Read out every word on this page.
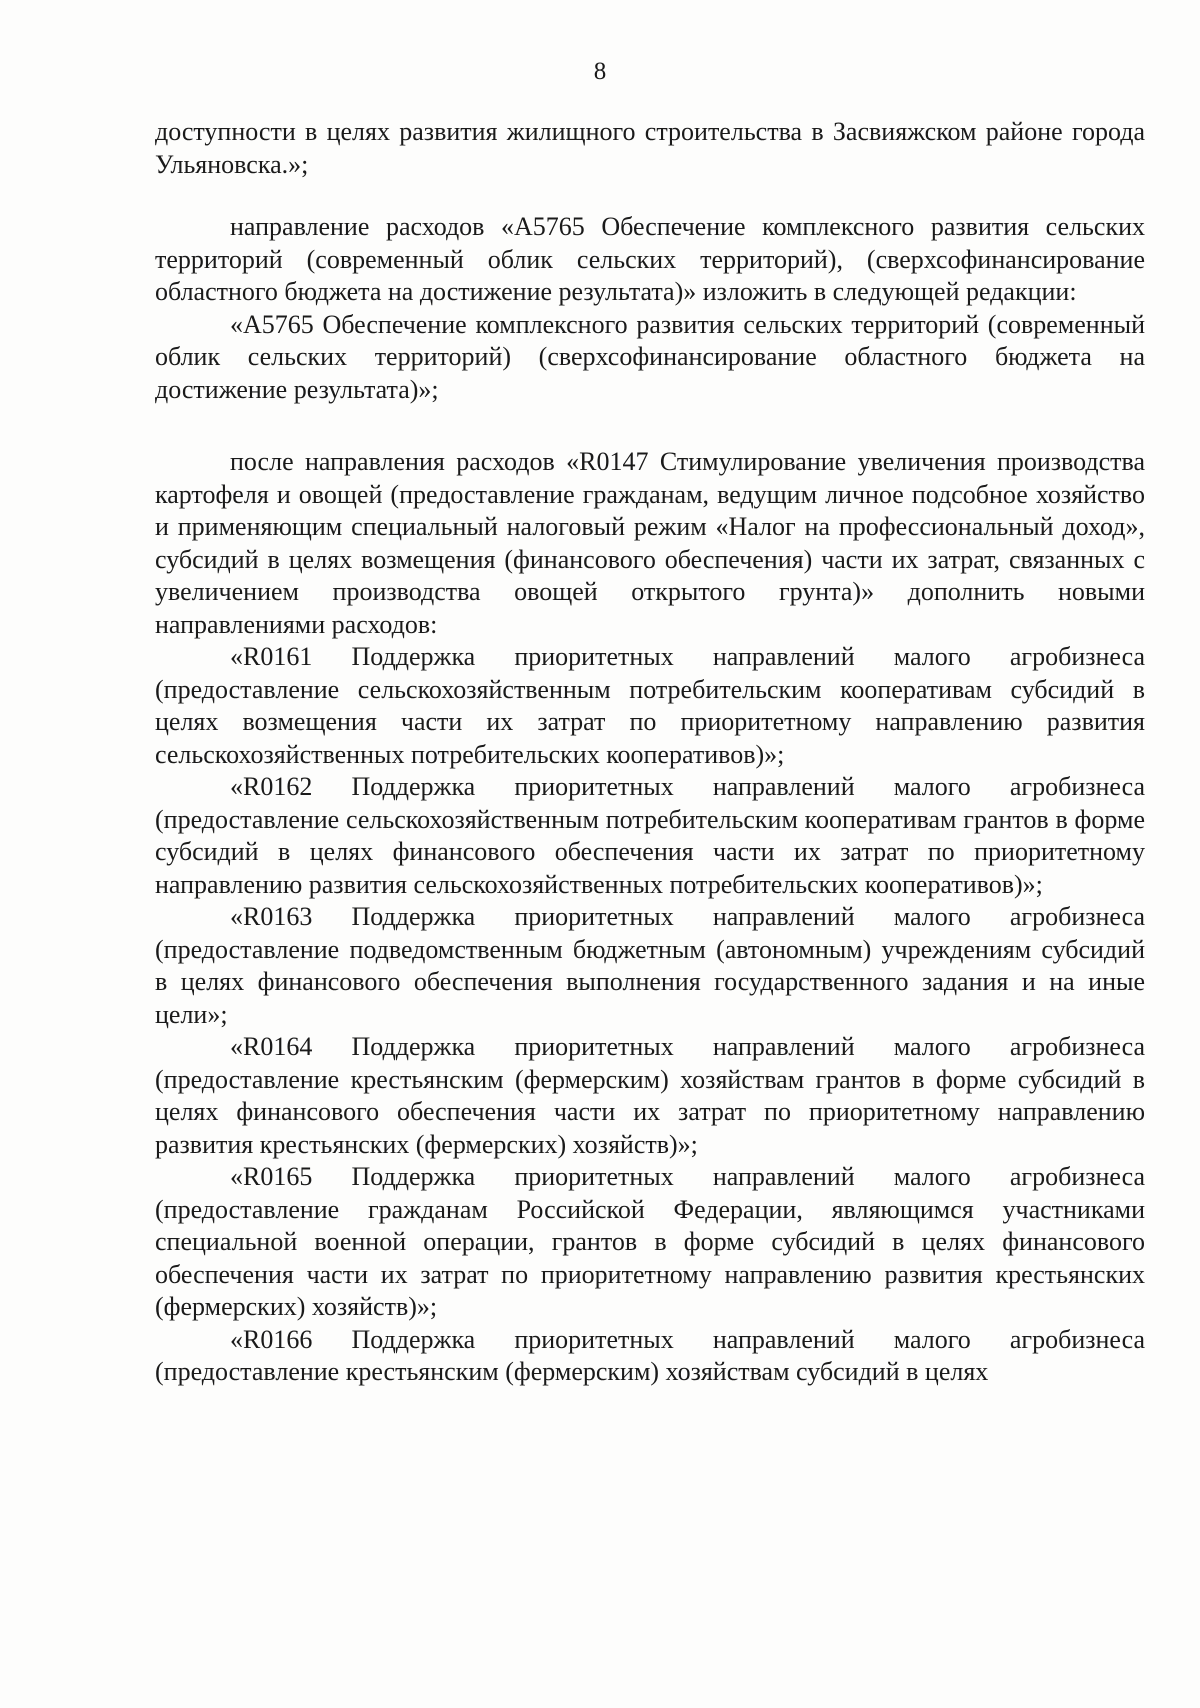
8

доступности в целях развития жилищного строительства в Засвияжском районе города Ульяновска.»;

направление расходов «А5765 Обеспечение комплексного развития сельских территорий (современный облик сельских территорий), (сверхсофинансирование областного бюджета на достижение результата)» изложить в следующей редакции:

«А5765 Обеспечение комплексного развития сельских территорий (современный облик сельских территорий) (сверхсофинансирование областного бюджета на достижение результата)»;

после направления расходов «R0147 Стимулирование увеличения производства картофеля и овощей (предоставление гражданам, ведущим личное подсобное хозяйство и применяющим специальный налоговый режим «Налог на профессиональный доход», субсидий в целях возмещения (финансового обеспечения) части их затрат, связанных с увеличением производства овощей открытого грунта)» дополнить новыми направлениями расходов:

«R0161 Поддержка приоритетных направлений малого агробизнеса (предоставление сельскохозяйственным потребительским кооперативам субсидий в целях возмещения части их затрат по приоритетному направлению развития сельскохозяйственных потребительских кооперативов)»;

«R0162 Поддержка приоритетных направлений малого агробизнеса (предоставление сельскохозяйственным потребительским кооперативам грантов в форме субсидий в целях финансового обеспечения части их затрат по приоритетному направлению развития сельскохозяйственных потребительских кооперативов)»;

«R0163 Поддержка приоритетных направлений малого агробизнеса (предоставление подведомственным бюджетным (автономным) учреждениям субсидий в целях финансового обеспечения выполнения государственного задания и на иные цели»;

«R0164 Поддержка приоритетных направлений малого агробизнеса (предоставление крестьянским (фермерским) хозяйствам грантов в форме субсидий в целях финансового обеспечения части их затрат по приоритетному направлению развития крестьянских (фермерских) хозяйств)»;

«R0165 Поддержка приоритетных направлений малого агробизнеса (предоставление гражданам Российской Федерации, являющимся участниками специальной военной операции, грантов в форме субсидий в целях финансового обеспечения части их затрат по приоритетному направлению развития крестьянских (фермерских) хозяйств)»;

«R0166 Поддержка приоритетных направлений малого агробизнеса (предоставление крестьянским (фермерским) хозяйствам субсидий в целях
